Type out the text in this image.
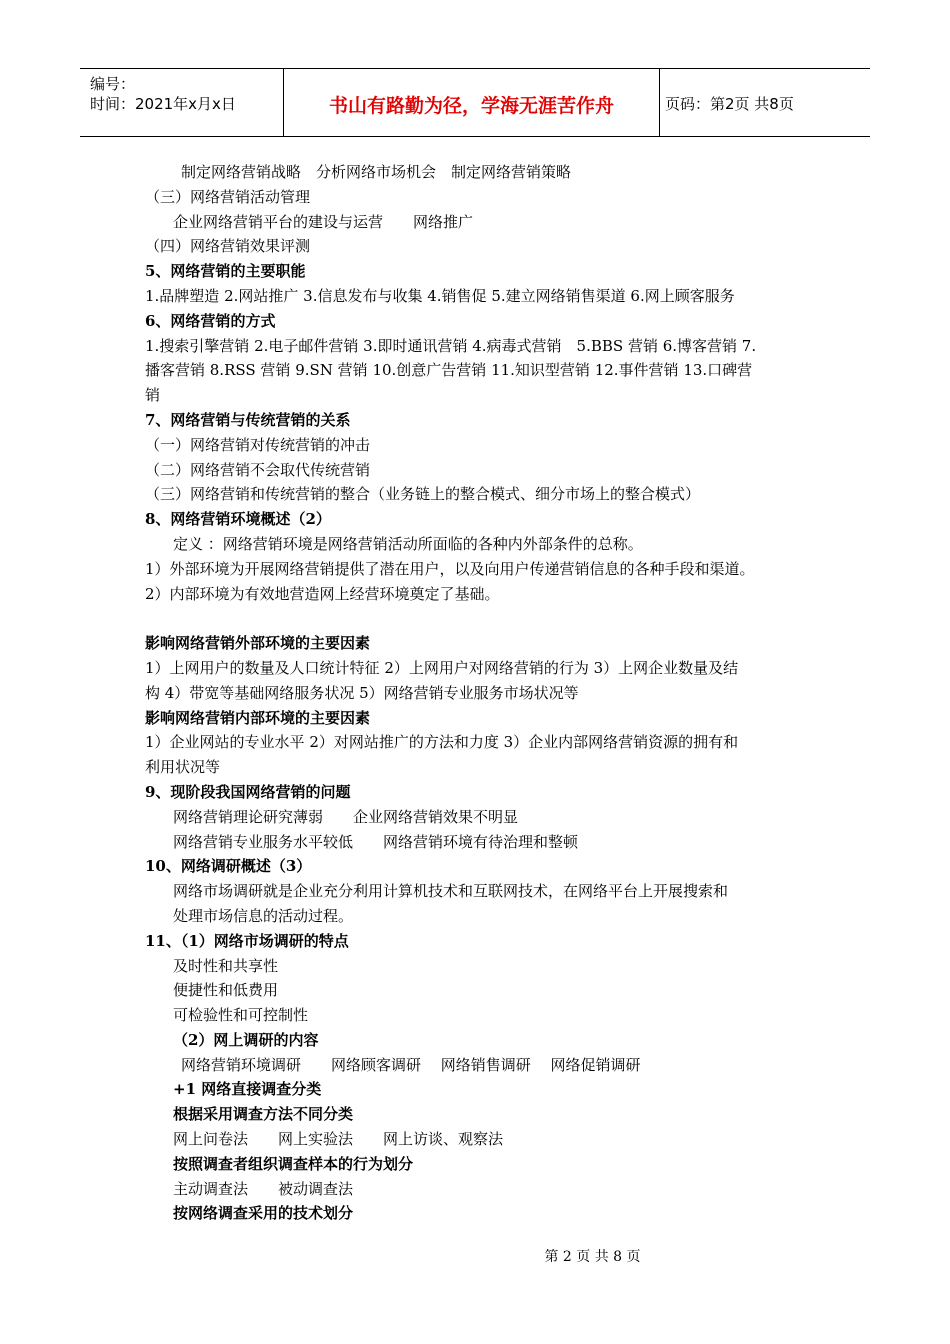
编号：
时间：2021年x月x日	书山有路勤为径，学海无涯苦作舟	页码：第2页 共8页
制定网络营销战略　分析网络市场机会　制定网络营销策略
（三）网络营销活动管理
企业网络营销平台的建设与运营　　网络推广
（四）网络营销效果评测
5、网络营销的主要职能
1.品牌塑造 2.网站推广 3.信息发布与收集 4.销售促 5.建立网络销售渠道 6.网上顾客服务
6、网络营销的方式
1.搜索引擎营销 2.电子邮件营销 3.即时通讯营销 4.病毒式营销　5.BBS 营销 6.博客营销 7.
播客营销 8.RSS 营销 9.SN 营销 10.创意广告营销 11.知识型营销 12.事件营销 13.口碑营
销
7、网络营销与传统营销的关系
（一）网络营销对传统营销的冲击
（二）网络营销不会取代传统营销
（三）网络营销和传统营销的整合（业务链上的整合模式、细分市场上的整合模式）
8、网络营销环境概述（2）
定义 ：网络营销环境是网络营销活动所面临的各种内外部条件的总称。
1）外部环境为开展网络营销提供了潜在用户，以及向用户传递营销信息的各种手段和渠道。
2）内部环境为有效地营造网上经营环境奠定了基础。
影响网络营销外部环境的主要因素
1）上网用户的数量及人口统计特征 2）上网用户对网络营销的行为 3）上网企业数量及结
构 4）带宽等基础网络服务状况 5）网络营销专业服务市场状况等
影响网络营销内部环境的主要因素
1）企业网站的专业水平 2）对网站推广的方法和力度 3）企业内部网络营销资源的拥有和
利用状况等
9、现阶段我国网络营销的问题
网络营销理论研究薄弱　　企业网络营销效果不明显
网络营销专业服务水平较低　　网络营销环境有待治理和整顿
10、网络调研概述（3）
网络市场调研就是企业充分利用计算机技术和互联网技术，在网络平台上开展搜索和
处理市场信息的活动过程。
11、（1）网络市场调研的特点
及时性和共享性
便捷性和低费用
可检验性和可控制性
（2）网上调研的内容
网络营销环境调研　　网络顾客调研　 网络销售调研　 网络促销调研
+1 网络直接调查分类
根据采用调查方法不同分类
网上问卷法　　网上实验法　　网上访谈、观察法
按照调查者组织调查样本的行为划分
主动调查法　　被动调查法
按网络调查采用的技术划分
第 2 页 共 8 页
